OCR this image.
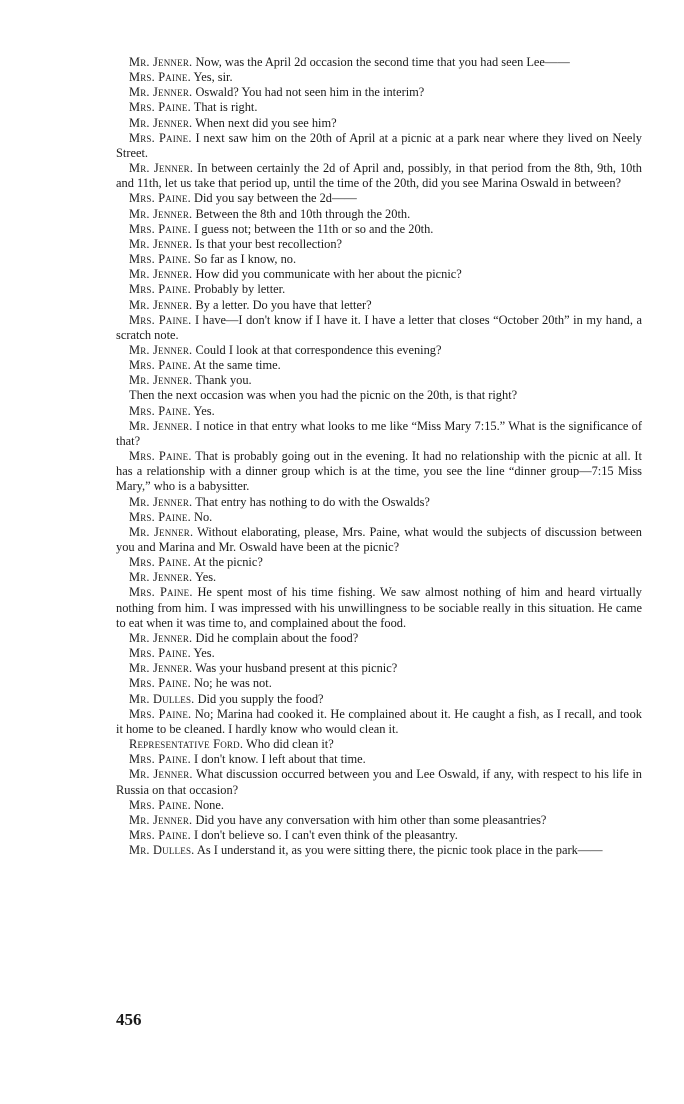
Mr. Jenner. Now, was the April 2d occasion the second time that you had seen Lee——

Mrs. Paine. Yes, sir.

Mr. Jenner. Oswald? You had not seen him in the interim?

Mrs. Paine. That is right.

Mr. Jenner. When next did you see him?

Mrs. Paine. I next saw him on the 20th of April at a picnic at a park near where they lived on Neely Street.

Mr. Jenner. In between certainly the 2d of April and, possibly, in that period from the 8th, 9th, 10th and 11th, let us take that period up, until the time of the 20th, did you see Marina Oswald in between?

Mrs. Paine. Did you say between the 2d——

Mr. Jenner. Between the 8th and 10th through the 20th.

Mrs. Paine. I guess not; between the 11th or so and the 20th.

Mr. Jenner. Is that your best recollection?

Mrs. Paine. So far as I know, no.

Mr. Jenner. How did you communicate with her about the picnic?

Mrs. Paine. Probably by letter.

Mr. Jenner. By a letter. Do you have that letter?

Mrs. Paine. I have—I don't know if I have it. I have a letter that closes “October 20th” in my hand, a scratch note.

Mr. Jenner. Could I look at that correspondence this evening?

Mrs. Paine. At the same time.

Mr. Jenner. Thank you.

Then the next occasion was when you had the picnic on the 20th, is that right?

Mrs. Paine. Yes.

Mr. Jenner. I notice in that entry what looks to me like “Miss Mary 7:15.” What is the significance of that?

Mrs. Paine. That is probably going out in the evening. It had no relationship with the picnic at all. It has a relationship with a dinner group which is at the time, you see the line “dinner group—7:15 Miss Mary,” who is a babysitter.

Mr. Jenner. That entry has nothing to do with the Oswalds?

Mrs. Paine. No.

Mr. Jenner. Without elaborating, please, Mrs. Paine, what would the subjects of discussion between you and Marina and Mr. Oswald have been at the picnic?

Mrs. Paine. At the picnic?

Mr. Jenner. Yes.

Mrs. Paine. He spent most of his time fishing. We saw almost nothing of him and heard virtually nothing from him. I was impressed with his unwillingness to be sociable really in this situation. He came to eat when it was time to, and complained about the food.

Mr. Jenner. Did he complain about the food?

Mrs. Paine. Yes.

Mr. Jenner. Was your husband present at this picnic?

Mrs. Paine. No; he was not.

Mr. Dulles. Did you supply the food?

Mrs. Paine. No; Marina had cooked it. He complained about it. He caught a fish, as I recall, and took it home to be cleaned. I hardly know who would clean it.

Representative Ford. Who did clean it?

Mrs. Paine. I don't know. I left about that time.

Mr. Jenner. What discussion occurred between you and Lee Oswald, if any, with respect to his life in Russia on that occasion?

Mrs. Paine. None.

Mr. Jenner. Did you have any conversation with him other than some pleasantries?

Mrs. Paine. I don't believe so. I can't even think of the pleasantry.

Mr. Dulles. As I understand it, as you were sitting there, the picnic took place in the park——

456
